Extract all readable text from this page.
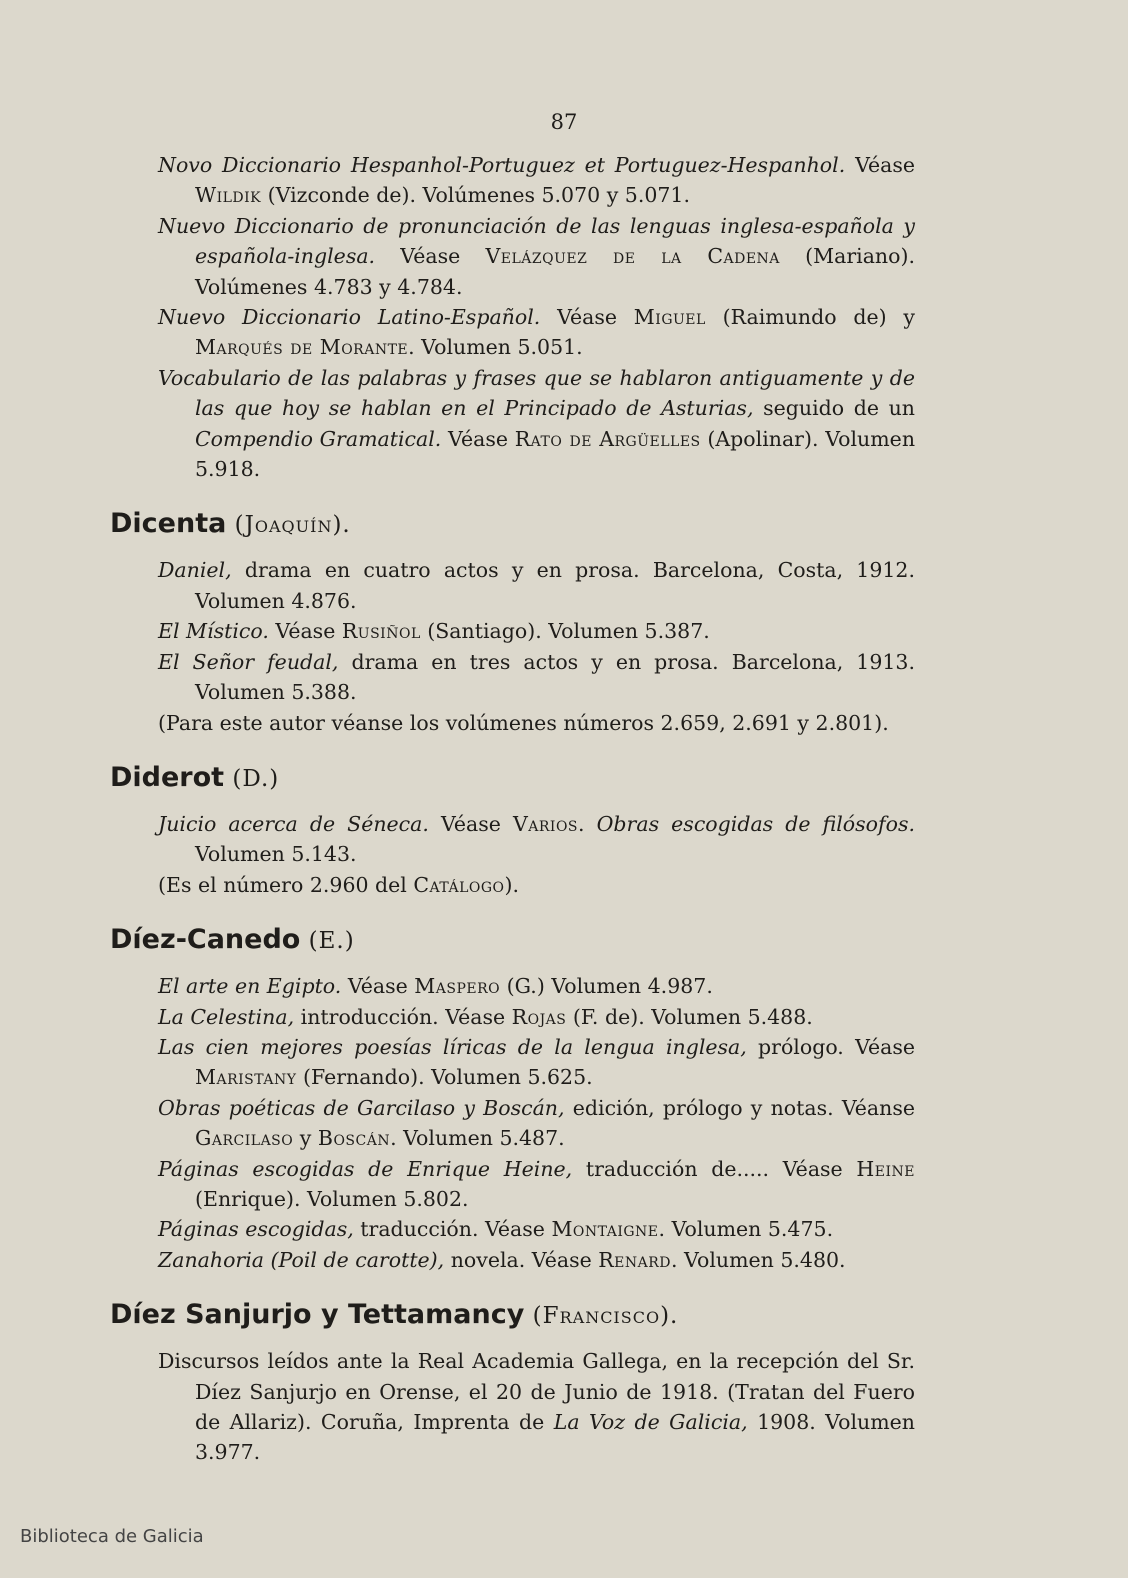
87

Novo Diccionario Hespanhol-Portuguez et Portuguez-Hespanhol. Véase Wildik (Vizconde de). Volúmenes 5.070 y 5.071.

Nuevo Diccionario de pronunciación de las lenguas inglesa-española y española-inglesa. Véase Velázquez de la Cadena (Mariano). Volúmenes 4.783 y 4.784.

Nuevo Diccionario Latino-Español. Véase Miguel (Raimundo de) y Marqués de Morante. Volumen 5.051.

Vocabulario de las palabras y frases que se hablaron antiguamente y de las que hoy se hablan en el Principado de Asturias, seguido de un Compendio Gramatical. Véase Rato de Argüelles (Apolinar). Volumen 5.918.

Dicenta (Joaquín).

Daniel, drama en cuatro actos y en prosa. Barcelona, Costa, 1912. Volumen 4.876.

El Místico. Véase Rusiñol (Santiago). Volumen 5.387.

El Señor feudal, drama en tres actos y en prosa. Barcelona, 1913. Volumen 5.388.

(Para este autor véanse los volúmenes números 2.659, 2.691 y 2.801).

Diderot (D.)

Juicio acerca de Séneca. Véase Varios. Obras escogidas de filósofos. Volumen 5.143.

(Es el número 2.960 del Catálogo).

Díez-Canedo (E.)

El arte en Egipto. Véase Maspero (G.) Volumen 4.987.

La Celestina, introducción. Véase Rojas (F. de). Volumen 5.488.

Las cien mejores poesías líricas de la lengua inglesa, prólogo. Véase Maristany (Fernando). Volumen 5.625.

Obras poéticas de Garcilaso y Boscán, edición, prólogo y notas. Véanse Garcilaso y Boscán. Volumen 5.487.

Páginas escogidas de Enrique Heine, traducción de..... Véase Heine (Enrique). Volumen 5.802.

Páginas escogidas, traducción. Véase Montaigne. Volumen 5.475.

Zanahoria (Poil de carotte), novela. Véase Renard. Volumen 5.480.

Díez Sanjurjo y Tettamancy (Francisco).

Discursos leídos ante la Real Academia Gallega, en la recepción del Sr. Díez Sanjurjo en Orense, el 20 de Junio de 1918. (Tratan del Fuero de Allariz). Coruña, Imprenta de La Voz de Galicia, 1908. Volumen 3.977.

Biblioteca de Galicia
